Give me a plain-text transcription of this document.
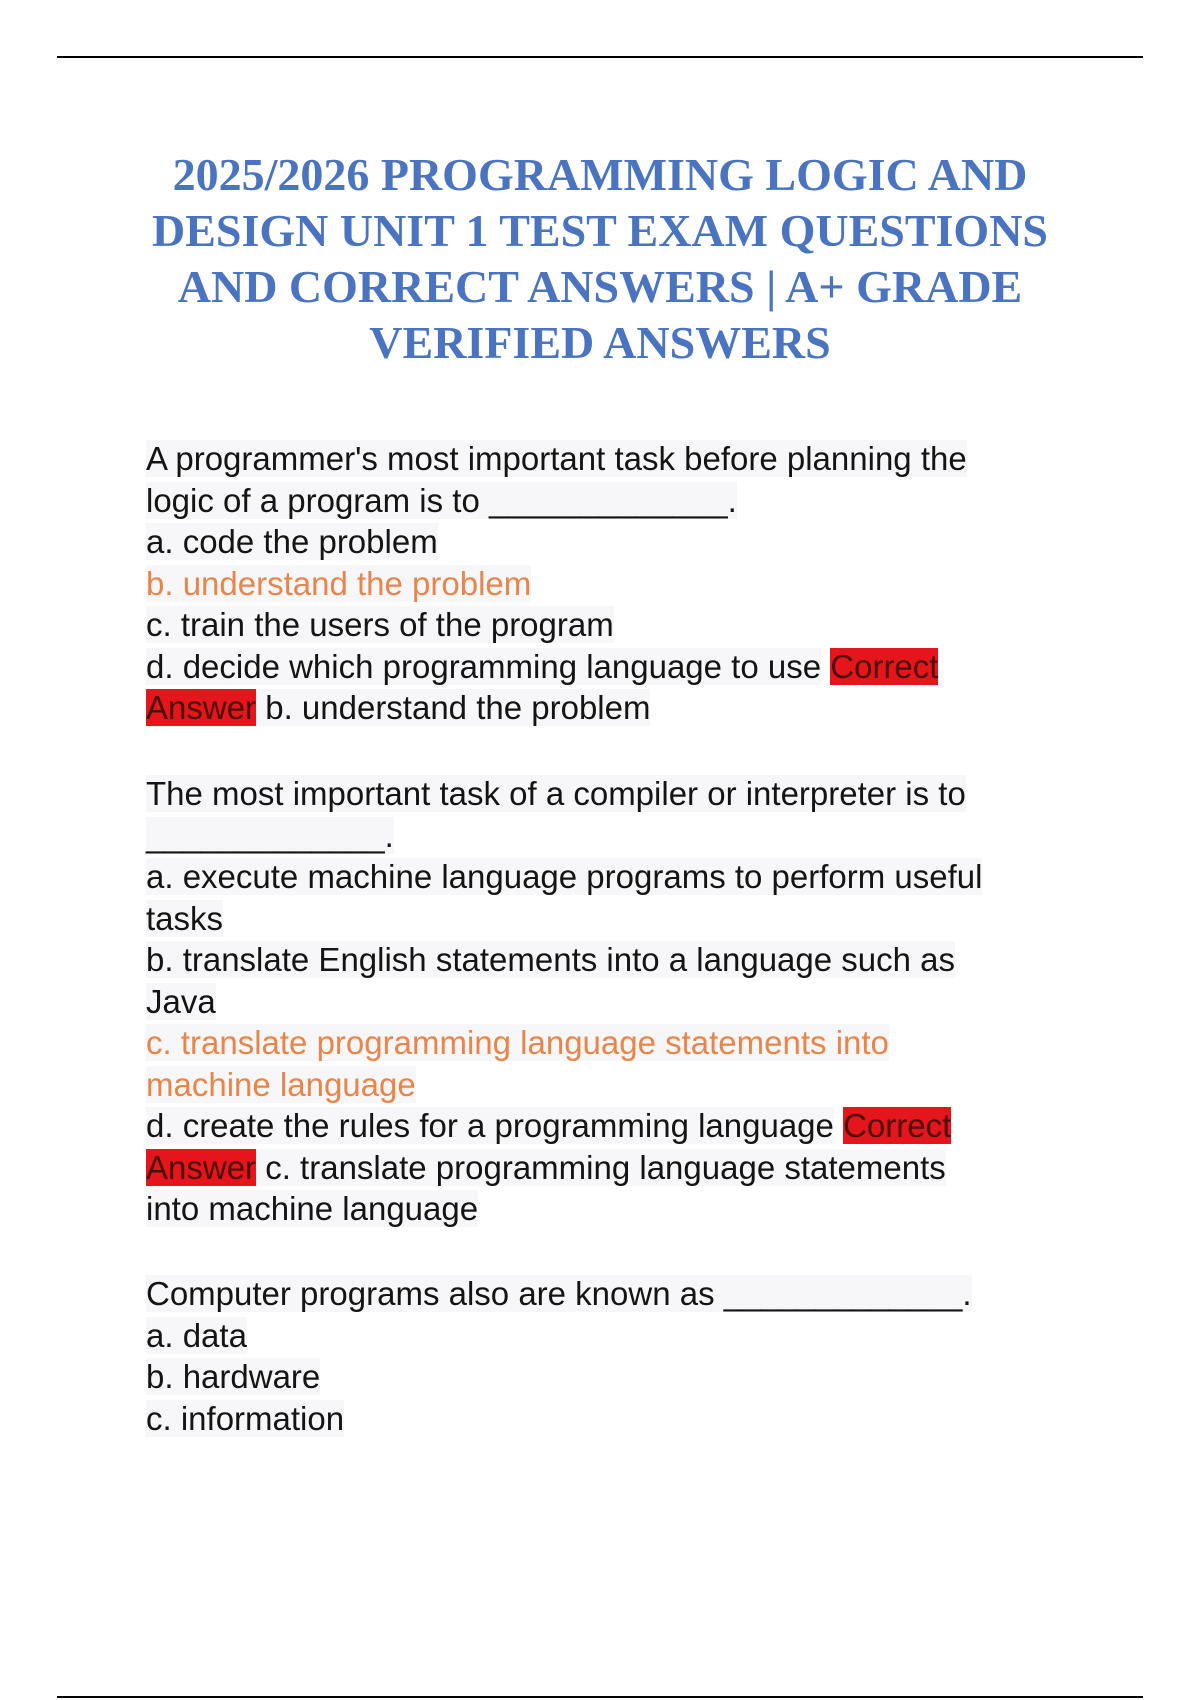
2025/2026 PROGRAMMING LOGIC AND DESIGN UNIT 1 TEST EXAM QUESTIONS AND CORRECT ANSWERS | A+ GRADE VERIFIED ANSWERS
A programmer's most important task before planning the
logic of a program is to _____________.
a. code the problem
b. understand the problem
c. train the users of the program
d. decide which programming language to use Correct
Answer b. understand the problem
The most important task of a compiler or interpreter is to
_____________.
a. execute machine language programs to perform useful
tasks
b. translate English statements into a language such as
Java
c. translate programming language statements into
machine language
d. create the rules for a programming language Correct
Answer c. translate programming language statements
into machine language
Computer programs also are known as _____________.
a. data
b. hardware
c. information
